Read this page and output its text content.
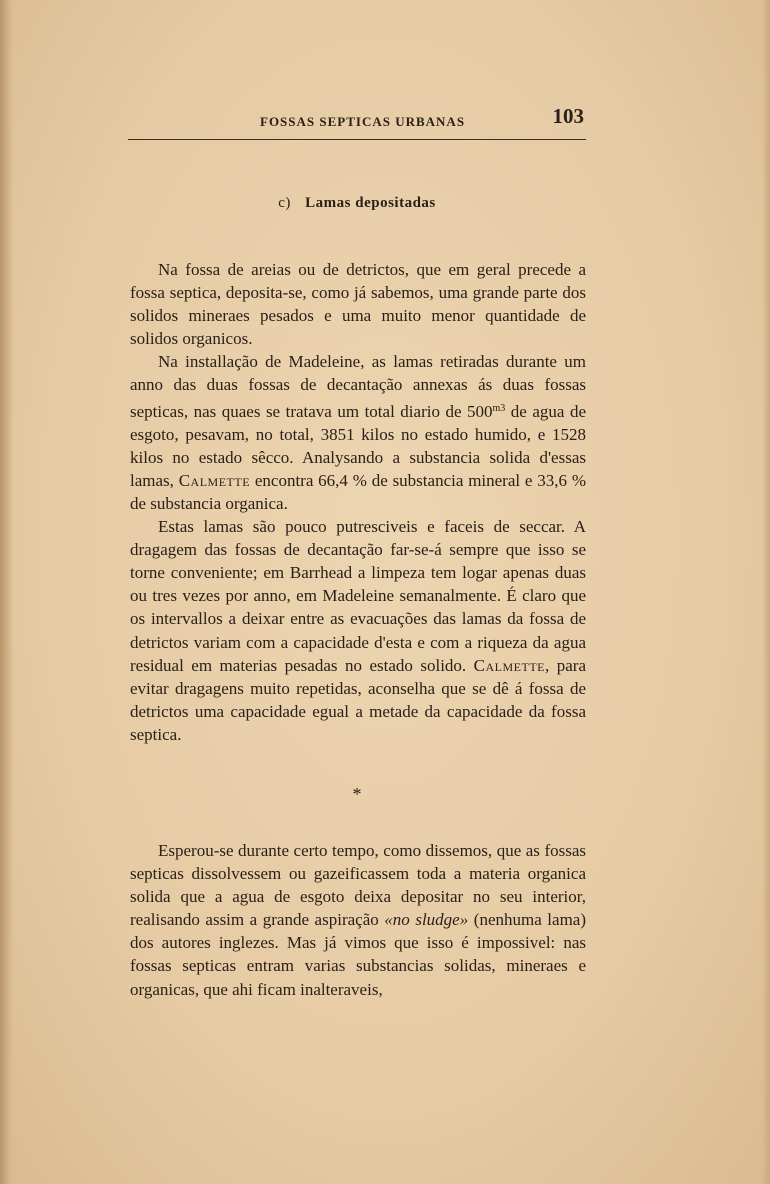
FOSSAS SEPTICAS URBANAS	103
c) Lamas depositadas

Na fossa de areias ou de detrictos, que em geral precede a fossa septica, deposita-se, como já sabemos, uma grande parte dos solidos mineraes pesados e uma muito menor quantidade de solidos organicos.

Na installação de Madeleine, as lamas retiradas durante um anno das duas fossas de decantação annexas ás duas fossas septicas, nas quaes se tratava um total diario de $500^{m3}$ de agua de esgoto, pesavam, no total, 3851 kilos no estado humido, e 1528 kilos no estado sêcco. Analysando a substancia solida d'essas lamas, Calmette encontra 66,4 % de substancia mineral e 33,6 % de substancia organica.

Estas lamas são pouco putresciveis e faceis de seccar. A dragagem das fossas de decantação far-se-á sempre que isso se torne conveniente; em Barrhead a limpeza tem logar apenas duas ou tres vezes por anno, em Madeleine semanalmente. É claro que os intervallos a deixar entre as evacuações das lamas da fossa de detrictos variam com a capacidade d'esta e com a riqueza da agua residual em materias pesadas no estado solido. Calmette, para evitar dragagens muito repetidas, aconselha que se dê á fossa de detrictos uma capacidade egual a metade da capacidade da fossa septica.

*

Esperou-se durante certo tempo, como dissemos, que as fossas septicas dissolvessem ou gazeificassem toda a materia organica solida que a agua de esgoto deixa depositar no seu interior, realisando assim a grande aspiração «no sludge» (nenhuma lama) dos autores inglezes. Mas já vimos que isso é impossivel: nas fossas septicas entram varias substancias solidas, mineraes e organicas, que ahi ficam inalteraveis,
